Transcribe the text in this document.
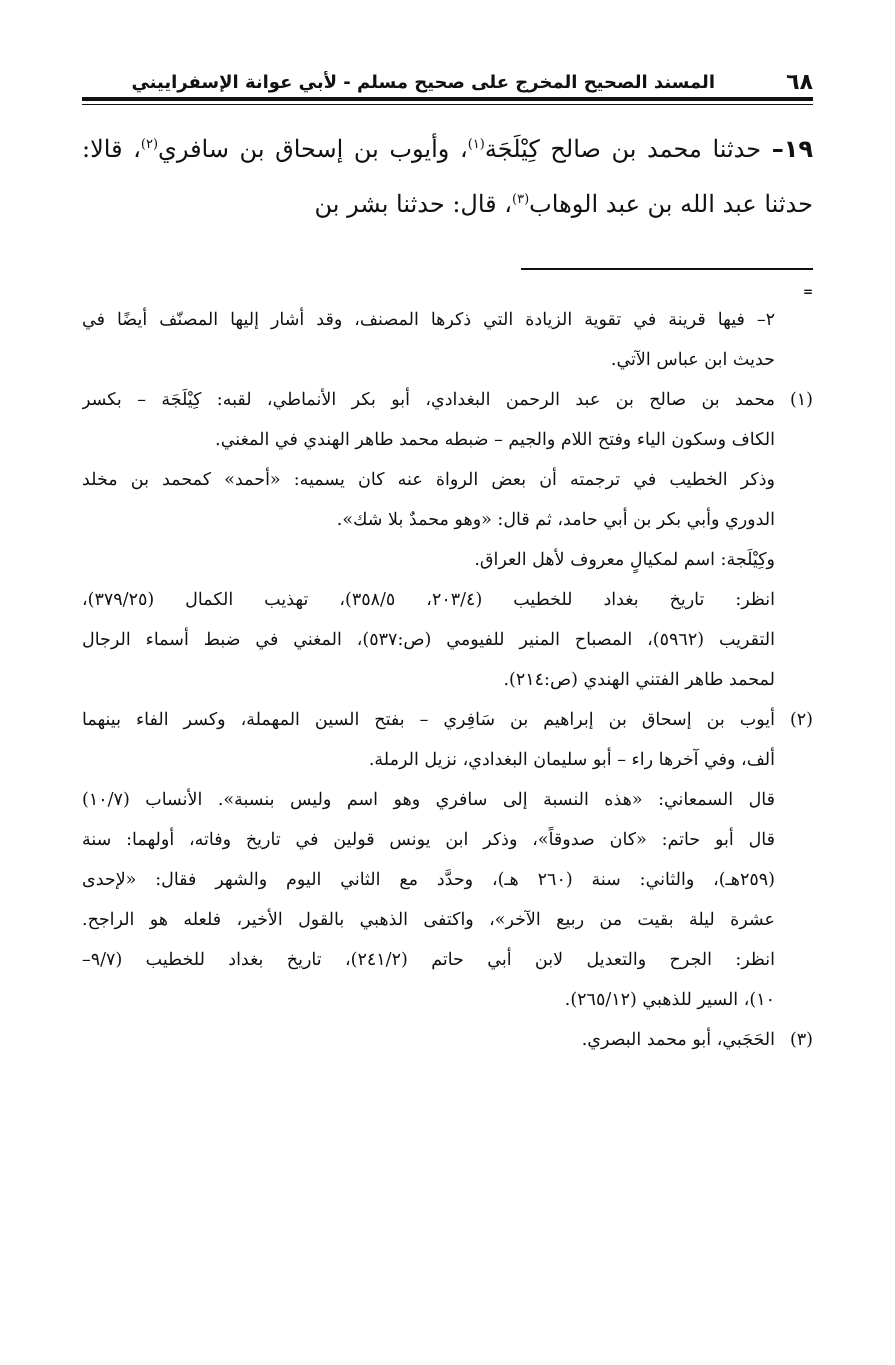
٦٨
المسند الصحيح المخرج على صحيح مسلم - لأبي عوانة الإسفراييني
١٩– حدثنا محمد بن صالح كِيْلَجَة$^{(١)}$، وأيوب بن إسحاق بن سافري$^{(٢)}$، قالا: حدثنا عبد الله بن عبد الوهاب$^{(٣)}$، قال: حدثنا بشر بن
=
٢– فيها قرينة في تقوية الزيادة التي ذكرها المصنف، وقد أشار إليها المصنّف أيضًا في
حديث ابن عباس الآتي.
(١)
محمد بن صالح بن عبد الرحمن البغدادي، أبو بكر الأنماطي، لقبه: كِيْلَجَة – بكسر
الكاف وسكون الياء وفتح اللام والجيم – ضبطه محمد طاهر الهندي في المغني.
وذكر الخطيب في ترجمته أن بعض الرواة عنه كان يسميه: «أحمد» كمحمد بن مخلد
الدوري وأبي بكر بن أبي حامد، ثم قال: «وهو محمدٌ بلا شك».
وكِيْلَجة: اسم لمكيالٍ معروف لأهل العراق.
انظر: تاريخ بغداد للخطيب (٢٠٣/٤، ٣٥٨/٥)، تهذيب الكمال (٣٧٩/٢٥)،
التقريب (٥٩٦٢)، المصباح المنير للفيومي (ص:٥٣٧)، المغني في ضبط أسماء الرجال
لمحمد طاهر الفتني الهندي (ص:٢١٤).
(٢)
أيوب بن إسحاق بن إبراهيم بن سَافِري – بفتح السين المهملة، وكسر الفاء بينهما
ألف، وفي آخرها راء – أبو سليمان البغدادي، نزيل الرملة.
قال السمعاني: «هذه النسبة إلى سافري وهو اسم وليس بنسبة». الأنساب (١٠/٧)
قال أبو حاتم: «كان صدوقاً»، وذكر ابن يونس قولين في تاريخ وفاته، أولهما: سنة
(٢٥٩هـ)، والثاني: سنة (٢٦٠ هـ)، وحدَّد مع الثاني اليوم والشهر فقال: «لإحدى
عشرة ليلة بقيت من ربيع الآخر»، واكتفى الذهبي بالقول الأخير، فلعله هو الراجح.
انظر: الجرح والتعديل لابن أبي حاتم (٢٤١/٢)، تاريخ بغداد للخطيب (٩/٧–
١٠)، السير للذهبي (٢٦٥/١٢).
(٣)
الحَجَبي، أبو محمد البصري.
